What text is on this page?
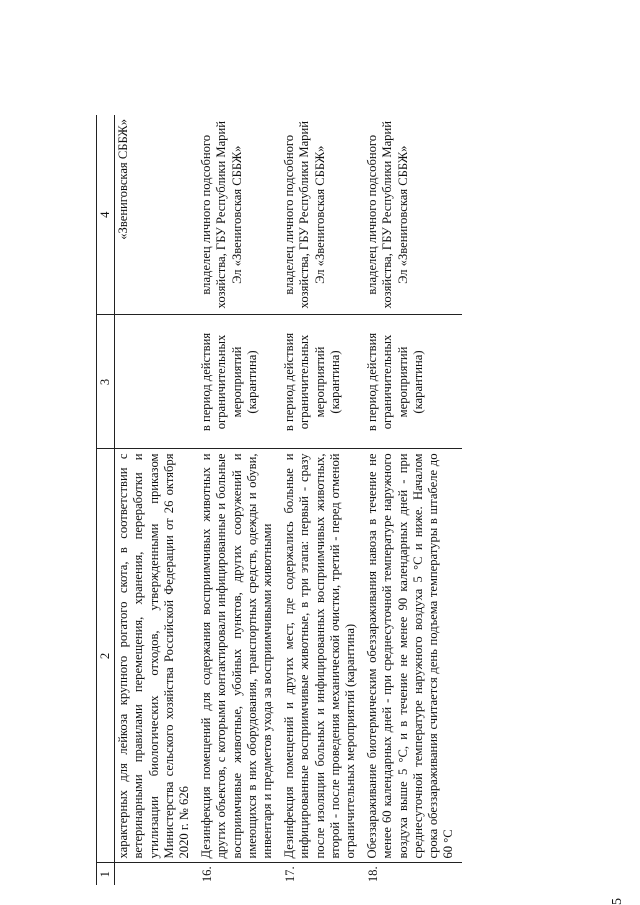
5
1	2	3	4
	характерных для лейкоза крупного рогатого скота, в соответствии с ветеринарными правилами перемещения, хранения, переработки и утилизации биологических отходов, утвержденными приказом Министерства сельского хозяйства Российской Федерации от 26 октября 2020 г. № 626		«Звениговская СББЖ»
16.	Дезинфекция помещений для содержания восприимчивых животных и других объектов, с которыми контактировали инфицированные и больные восприимчивые животные, убойных пунктов, других сооружений и имеющихся в них оборудования, транспортных средств, одежды и обуви, инвентаря и предметов ухода за восприимчивыми животными	в период действия ограничительных мероприятий (карантина)	владелец личного подсобного хозяйства, ГБУ Республики Марий Эл «Звениговская СББЖ»
17.	Дезинфекция помещений и других мест, где содержались больные и инфицированные восприимчивые животные, в три этапа: первый - сразу после изоляции больных и инфицированных восприимчивых животных, второй - после проведения механической очистки, третий - перед отменой ограничительных мероприятий (карантина)	в период действия ограничительных мероприятий (карантина)	владелец личного подсобного хозяйства, ГБУ Республики Марий Эл «Звениговская СББЖ»
18.	Обеззараживание биотермическим обеззараживания навоза в течение не менее 60 календарных дней - при среднесуточной температуре наружного воздуха выше 5 °С, и в течение не менее 90 календарных дней - при среднесуточной температуре наружного воздуха 5 °С и ниже. Началом срока обеззараживания считается день подъема температуры в штабеле до 60 °С	в период действия ограничительных мероприятий (карантина)	владелец личного подсобного хозяйства, ГБУ Республики Марий Эл «Звениговская СББЖ»
